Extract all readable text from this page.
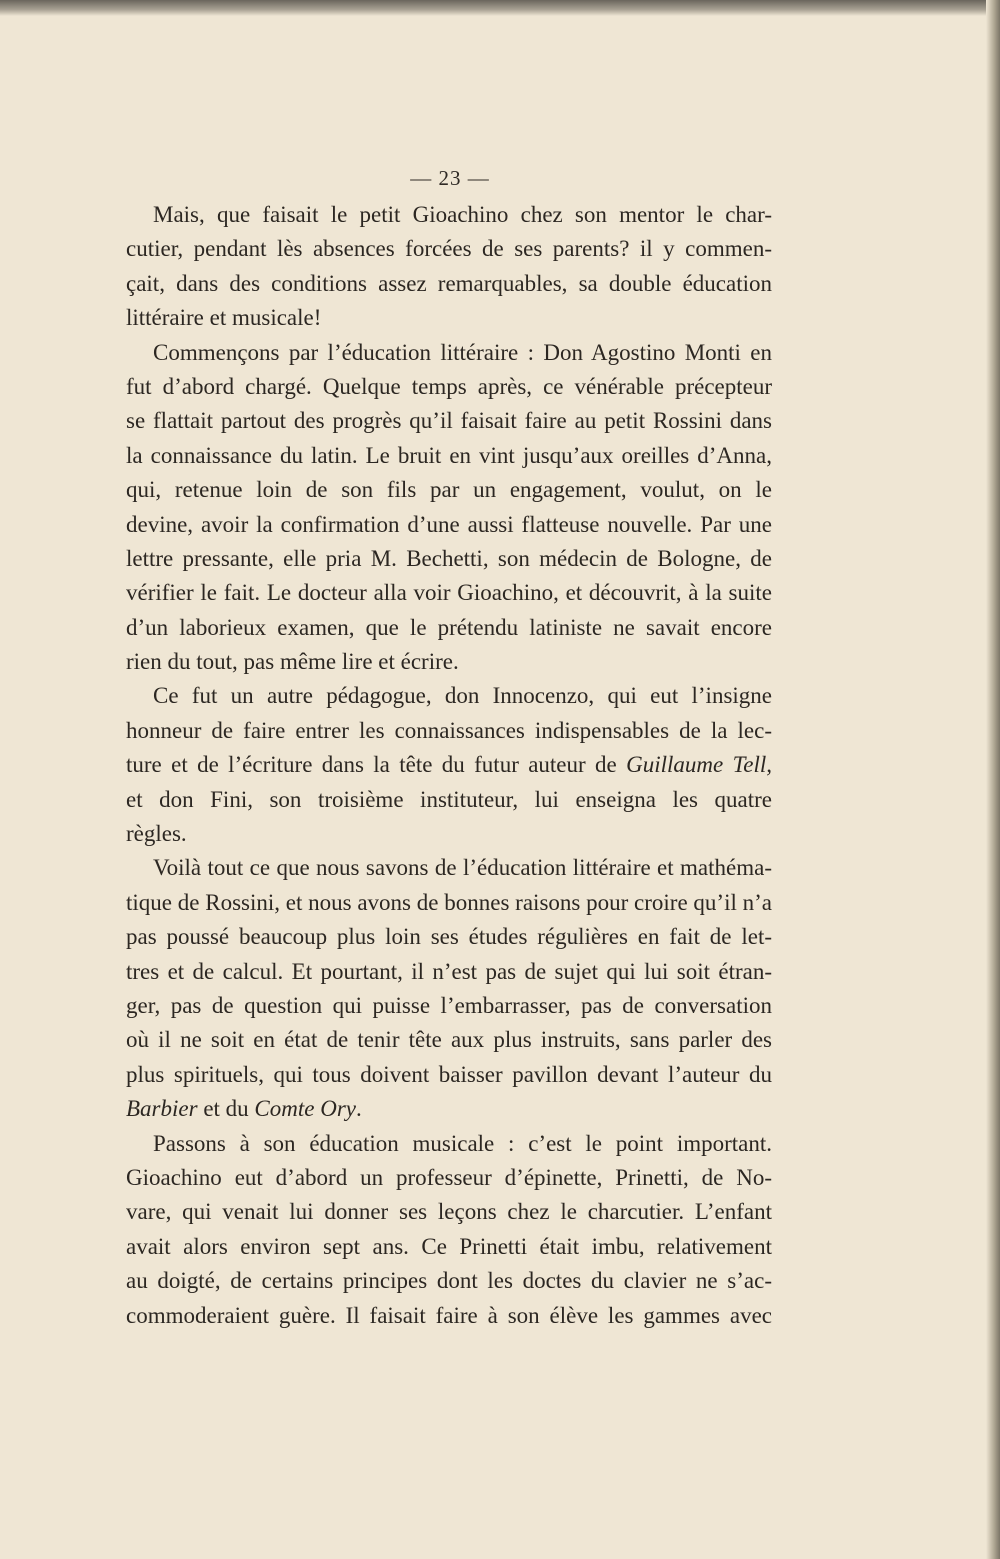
— 23 —
Mais, que faisait le petit Gioachino chez son mentor le char-
cutier, pendant lès absences forcées de ses parents? il y commen-
çait, dans des conditions assez remarquables, sa double éducation
littéraire et musicale!
Commençons par l’éducation littéraire : Don Agostino Monti en
fut d’abord chargé. Quelque temps après, ce vénérable précepteur
se flattait partout des progrès qu’il faisait faire au petit Rossini dans
la connaissance du latin. Le bruit en vint jusqu’aux oreilles d’Anna,
qui, retenue loin de son fils par un engagement, voulut, on le
devine, avoir la confirmation d’une aussi flatteuse nouvelle. Par une
lettre pressante, elle pria M. Bechetti, son médecin de Bologne, de
vérifier le fait. Le docteur alla voir Gioachino, et découvrit, à la suite
d’un laborieux examen, que le prétendu latiniste ne savait encore
rien du tout, pas même lire et écrire.
Ce fut un autre pédagogue, don Innocenzo, qui eut l’insigne
honneur de faire entrer les connaissances indispensables de la lec-
ture et de l’écriture dans la tête du futur auteur de Guillaume Tell,
et don Fini, son troisième instituteur, lui enseigna les quatre
règles.
Voilà tout ce que nous savons de l’éducation littéraire et mathéma-
tique de Rossini, et nous avons de bonnes raisons pour croire qu’il n’a
pas poussé beaucoup plus loin ses études régulières en fait de let-
tres et de calcul. Et pourtant, il n’est pas de sujet qui lui soit étran-
ger, pas de question qui puisse l’embarrasser, pas de conversation
où il ne soit en état de tenir tête aux plus instruits, sans parler des
plus spirituels, qui tous doivent baisser pavillon devant l’auteur du
Barbier et du Comte Ory.
Passons à son éducation musicale : c’est le point important.
Gioachino eut d’abord un professeur d’épinette, Prinetti, de No-
vare, qui venait lui donner ses leçons chez le charcutier. L’enfant
avait alors environ sept ans. Ce Prinetti était imbu, relativement
au doigté, de certains principes dont les doctes du clavier ne s’ac-
commoderaient guère. Il faisait faire à son élève les gammes avec
